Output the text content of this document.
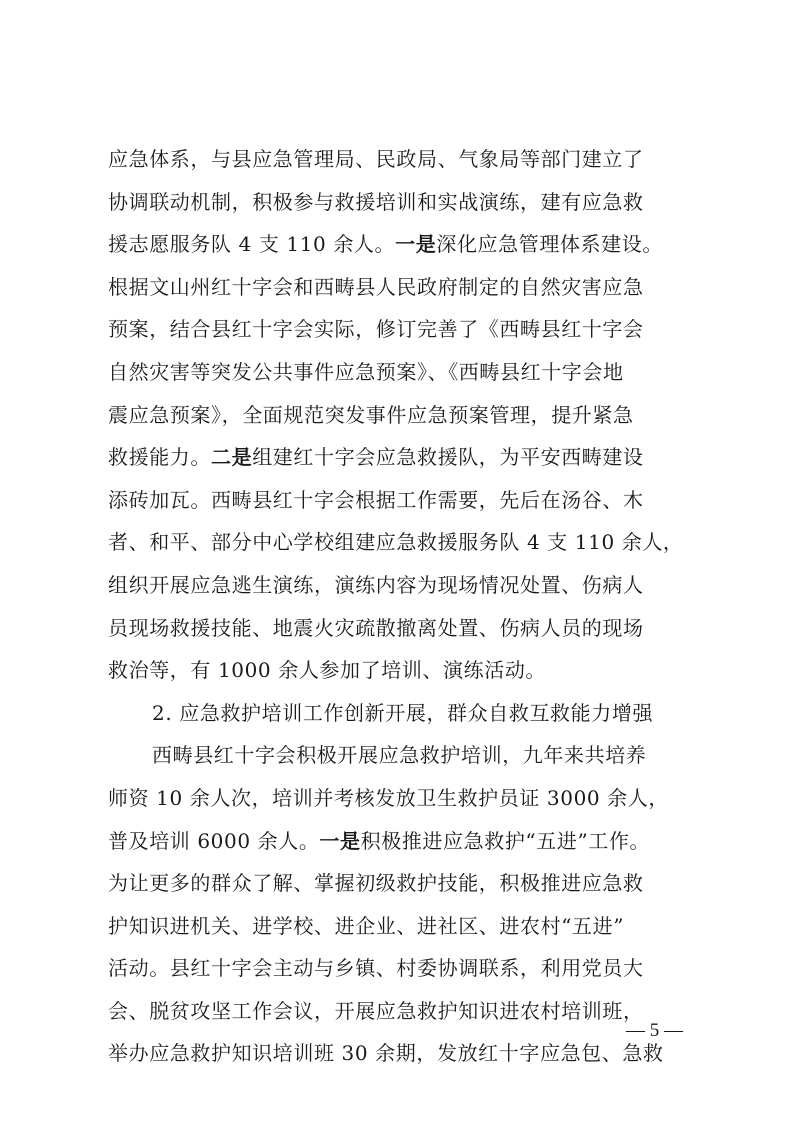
应急体系，与县应急管理局、民政局、气象局等部门建立了
协调联动机制，积极参与救援培训和实战演练，建有应急救
援志愿服务队 4 支 110 余人。一是深化应急管理体系建设。
根据文山州红十字会和西畴县人民政府制定的自然灾害应急
预案，结合县红十字会实际，修订完善了《西畴县红十字会
自然灾害等突发公共事件应急预案》、《西畴县红十字会地
震应急预案》，全面规范突发事件应急预案管理，提升紧急
救援能力。二是组建红十字会应急救援队，为平安西畴建设
添砖加瓦。西畴县红十字会根据工作需要，先后在汤谷、木
者、和平、部分中心学校组建应急救援服务队 4 支 110 余人，
组织开展应急逃生演练，演练内容为现场情况处置、伤病人
员现场救援技能、地震火灾疏散撤离处置、伤病人员的现场
救治等，有 1000 余人参加了培训、演练活动。
2. 应急救护培训工作创新开展，群众自救互救能力增强
西畴县红十字会积极开展应急救护培训，九年来共培养
师资 10 余人次，培训并考核发放卫生救护员证 3000 余人，
普及培训 6000 余人。一是积极推进应急救护“五进”工作。
为让更多的群众了解、掌握初级救护技能，积极推进应急救
护知识进机关、进学校、进企业、进社区、进农村“五进”
活动。县红十字会主动与乡镇、村委协调联系，利用党员大
会、脱贫攻坚工作会议，开展应急救护知识进农村培训班，
举办应急救护知识培训班 30 余期，发放红十字应急包、急救
— 5 —
